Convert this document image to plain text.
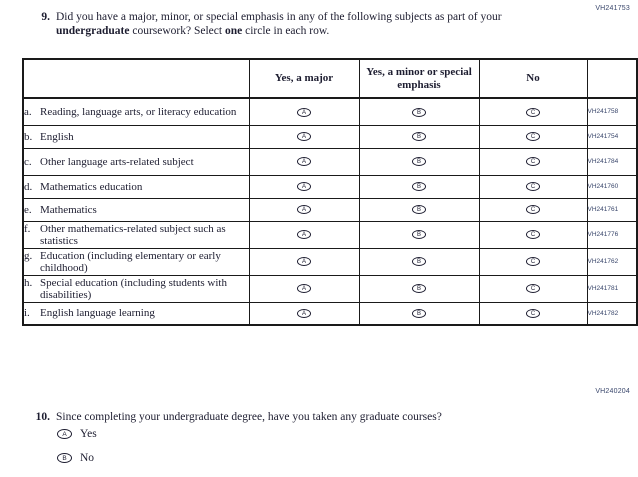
VH241753
9. Did you have a major, minor, or special emphasis in any of the following subjects as part of your undergraduate coursework? Select one circle in each row.
	Yes, a major	Yes, a minor or special emphasis	No	

a. Reading, language arts, or literacy education	A	B	C	VH241758

b. English	A	B	C	VH241754

c. Other language arts-related subject	A	B	C	VH241784

d. Mathematics education	A	B	C	VH241760

e. Mathematics	A	B	C	VH241761

f. Other mathematics-related subject such as statistics	A	B	C	VH241776

g. Education (including elementary or early childhood)	A	B	C	VH241762

h. Special education (including students with disabilities)	A	B	C	VH241781

i. English language learning	A	B	C	VH241782
VH240204
10. Since completing your undergraduate degree, have you taken any graduate courses?
A	Yes
B	No
